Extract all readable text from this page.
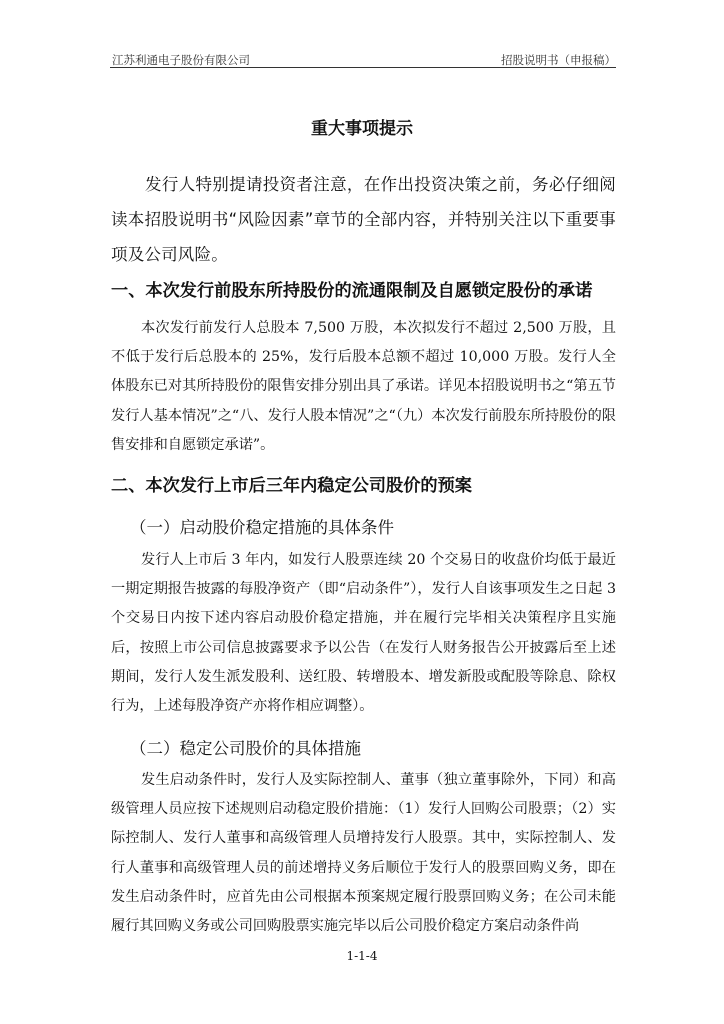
江苏利通电子股份有限公司	招股说明书（申报稿）
重大事项提示

发行人特别提请投资者注意，在作出投资决策之前，务必仔细阅读本招股说明书“风险因素”章节的全部内容，并特别关注以下重要事项及公司风险。

一、本次发行前股东所持股份的流通限制及自愿锁定股份的承诺

本次发行前发行人总股本 7,500 万股，本次拟发行不超过 2,500 万股，且不低于发行后总股本的 25%，发行后股本总额不超过 10,000 万股。发行人全体股东已对其所持股份的限售安排分别出具了承诺。详见本招股说明书之“第五节发行人基本情况”之“八、发行人股本情况”之“（九）本次发行前股东所持股份的限售安排和自愿锁定承诺”。

二、本次发行上市后三年内稳定公司股价的预案
（一）启动股价稳定措施的具体条件

发行人上市后 3 年内，如发行人股票连续 20 个交易日的收盘价均低于最近一期定期报告披露的每股净资产（即“启动条件”），发行人自该事项发生之日起 3 个交易日内按下述内容启动股价稳定措施，并在履行完毕相关决策程序且实施后，按照上市公司信息披露要求予以公告（在发行人财务报告公开披露后至上述期间，发行人发生派发股利、送红股、转增股本、增发新股或配股等除息、除权行为，上述每股净资产亦将作相应调整）。

（二）稳定公司股价的具体措施

发生启动条件时，发行人及实际控制人、董事（独立董事除外，下同）和高级管理人员应按下述规则启动稳定股价措施：（1）发行人回购公司股票；（2）实际控制人、发行人董事和高级管理人员增持发行人股票。其中，实际控制人、发行人董事和高级管理人员的前述增持义务后顺位于发行人的股票回购义务，即在发生启动条件时，应首先由公司根据本预案规定履行股票回购义务；在公司未能履行其回购义务或公司回购股票实施完毕以后公司股价稳定方案启动条件尚

1-1-4
